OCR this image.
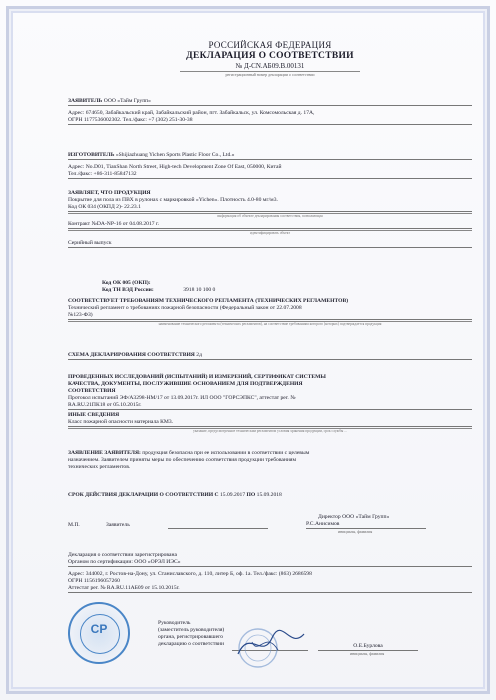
РОССИЙСКАЯ ФЕДЕРАЦИЯ
ДЕКЛАРАЦИЯ О СООТВЕТСТВИИ
№ Д-CN.АБ09.В.00131
регистрационный номер декларации о соответствии
ЗАЯВИТЕЛЬ ООО «Тайм Групп»
Адрес: 674650, Забайкальский край, Забайкальский район, пгт. Забайкальск, ул. Комсомольская д. 17А,
ОГРН 1177536002302. Тел./факс: +7 (302) 251-30-38
ИЗГОТОВИТЕЛЬ «Shijiazhuang Yichen Sports Plastic Floor Co., Ltd.»
Адрес: No.D01, TianShan North Street, High-tech Development Zone Of East, 050000, Китай
Тел./факс: +86-311-85847132
ЗАЯВЛЯЕТ, ЧТО ПРОДУКЦИЯ
Покрытие для пола из ПВХ в рулонах с маркировкой «Yichen». Плотность 4.0-80 мг/м3.
Код ОК 034 (ОКПД 2)- 22.23.1
информация об объекте декларирования соответствия, позволяющая
Контракт №DA-NP-16 от 04.08.2017 г.
идентифицировать объект
Серийный выпуск
Код ОК 005 (ОКП):
Код ТН ВЭД России:	3918 10 100 0
СООТВЕТСТВУЕТ ТРЕБОВАНИЯМ ТЕХНИЧЕСКОГО РЕГЛАМЕНТА (ТЕХНИЧЕСКИХ РЕГЛАМЕНТОВ)
Технический регламент о требованиях пожарной безопасности (Федеральный закон от 22.07.2008
№123-ФЗ)
наименование технического регламента (технических регламентов), на соответствие требованиям которого (которых) подтверждается продукция
СХЕМА ДЕКЛАРИРОВАНИЯ СООТВЕТСТВИЯ 2д
ПРОВЕДЕННЫХ ИССЛЕДОВАНИЙ (ИСПЫТАНИЙ) И ИЗМЕРЕНИЙ, СЕРТИФИКАТ СИСТЕМЫ
КАЧЕСТВА, ДОКУМЕНТЫ, ПОСЛУЖИВШИЕ ОСНОВАНИЕМ ДЛЯ ПОДТВЕРЖДЕНИЯ
СООТВЕТСТВИЯ
Протокол испытаний ЭФ/А3298-НМ/17 от 13.09.2017г. ИЛ ООО "ГОРСЭПКС", аттестат рег. №
RA.RU.21ПК18 от 05.10.2015г.
ИНЫЕ СВЕДЕНИЯ
Класс пожарной опасности материала КМ3.
указание, предусмотренное техническим регламентом условия хранения продукции, срок службы ...
ЗАЯВЛЕНИЕ ЗАЯВИТЕЛЯ: продукция безопасна при ее использовании в соответствии с целевым
назначением. Заявителем приняты меры по обеспечению соответствия продукции требованиям
технических регламентов.
СРОК ДЕЙСТВИЯ ДЕКЛАРАЦИИ О СООТВЕТСТВИИ С 15.09.2017 ПО 15.09.2018
М.П.	Заявитель
Директор ООО «Тайм Групп»
Р.С.Анисимов
инициалы, фамилия
Декларация о соответствии зарегистрирована
Органом по сертификации: ООО «ОРЭЛ ИЭС»
Адрес: 344002, г. Ростов-на-Дону, ул. Станиславского, д. 110, литер Б, оф. 1а. Тел./факс: (863) 2686598
ОГРН 1156196057260
Аттестат рег. № RA.RU.11АБ09 от 15.10.2015г.
Руководитель
(заместитель руководителя)
органа, регистрировавшего
декларацию о соответствии	О.Е.Бурлова
инициалы, фамилия
СР
